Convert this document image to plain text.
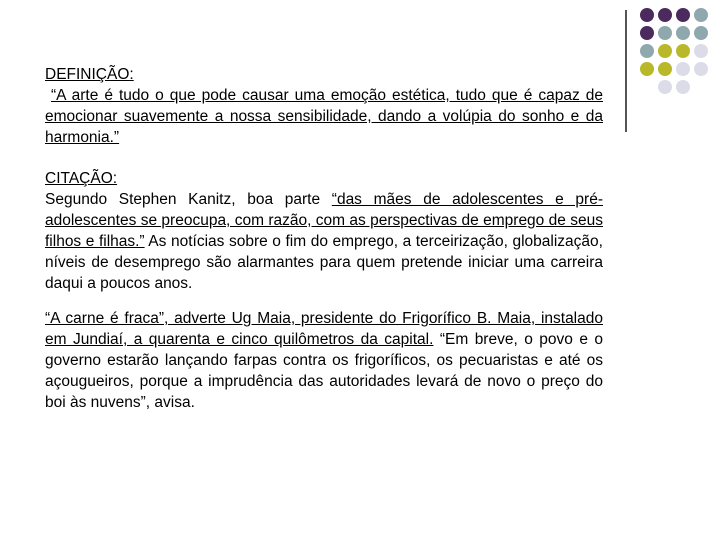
DEFINIÇÃO:

“A arte é tudo o que pode causar uma emoção estética, tudo que é capaz de emocionar suavemente a nossa sensibilidade, dando a volúpia do sonho e da harmonia.”

CITAÇÃO:

Segundo Stephen Kanitz, boa parte “das mães de adolescentes e pré-adolescentes se preocupa, com razão, com as perspectivas de emprego de seus filhos e filhas.” As notícias sobre o fim do emprego, a terceirização, globalização, níveis de desemprego são alarmantes para quem pretende iniciar uma carreira daqui a poucos anos.

“A carne é fraca”, adverte Ug Maia, presidente do Frigorífico B. Maia, instalado em Jundiaí, a quarenta e cinco quilômetros da capital. “Em breve, o povo e o governo estarão lançando farpas contra os frigoríficos, os pecuaristas e até os açougueiros, porque a imprudência das autoridades levará de novo o preço do boi às nuvens”, avisa.
